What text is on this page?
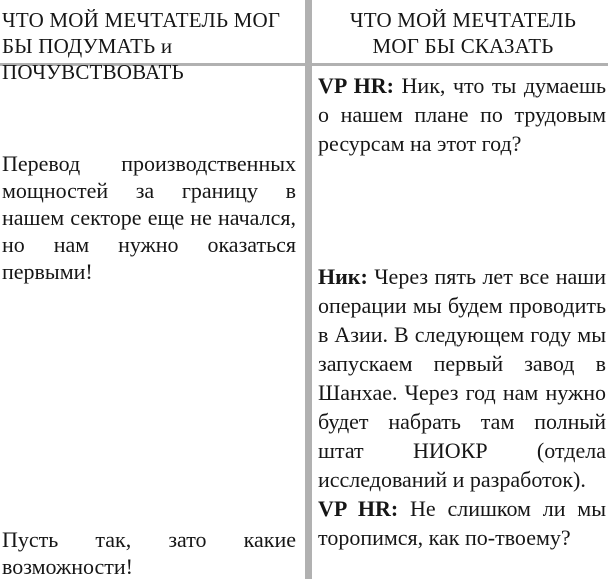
ЧТО МОЙ МЕЧТАТЕЛЬ МОГ БЫ ПОДУМАТЬ и ПОЧУВСТВОВАТЬ
Перевод производственных мощностей за границу в нашем секторе еще не начался, но нам нужно оказаться первыми!
Пусть так, зато какие возможности!
ЧТО МОЙ МЕЧТАТЕЛЬ МОГ БЫ СКАЗАТЬ

VP HR: Ник, что ты думаешь о нашем плане по трудовым ресурсам на этот год?

Ник: Через пять лет все наши операции мы будем проводить в Азии. В следующем году мы запускаем первый завод в Шанхае. Через год нам нужно будет набрать там полный штат НИОКР (отдела исследований и разработок).

VP HR: Не слишком ли мы торопимся, как по-твоему?
